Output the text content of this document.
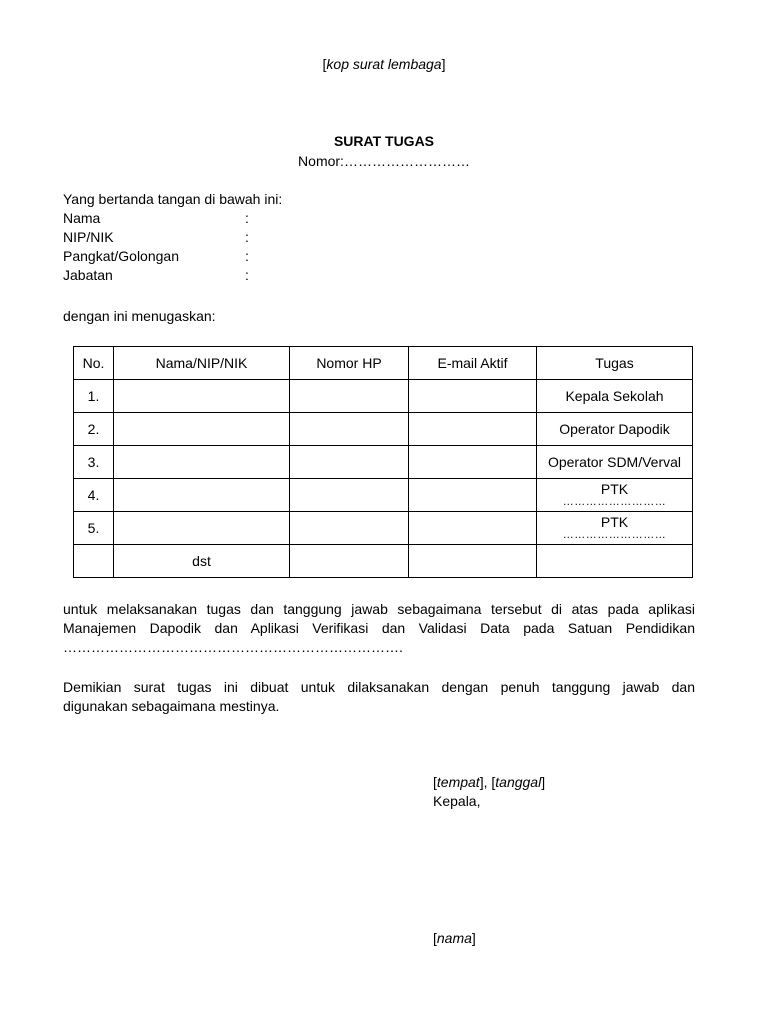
[kop surat lembaga]
SURAT TUGAS
Nomor:………………………
Yang bertanda tangan di bawah ini:
Nama	:
NIP/NIK	:
Pangkat/Golongan	:
Jabatan	:
dengan ini menugaskan:
No.	Nama/NIP/NIK	Nomor HP	E-mail Aktif	Tugas
1.				Kepala Sekolah
2.				Operator Dapodik
3.				Operator SDM/Verval
4.				PTK
………………………

5.				PTK
………………………

	dst			
untuk melaksanakan tugas dan tanggung jawab sebagaimana tersebut di atas pada aplikasi
Manajemen Dapodik dan Aplikasi Verifikasi dan Validasi Data pada Satuan Pendidikan
……………………………………………………………….
Demikian surat tugas ini dibuat untuk dilaksanakan dengan penuh tanggung jawab dan
digunakan sebagaimana mestinya.
[tempat], [tanggal]
Kepala,
[nama]
